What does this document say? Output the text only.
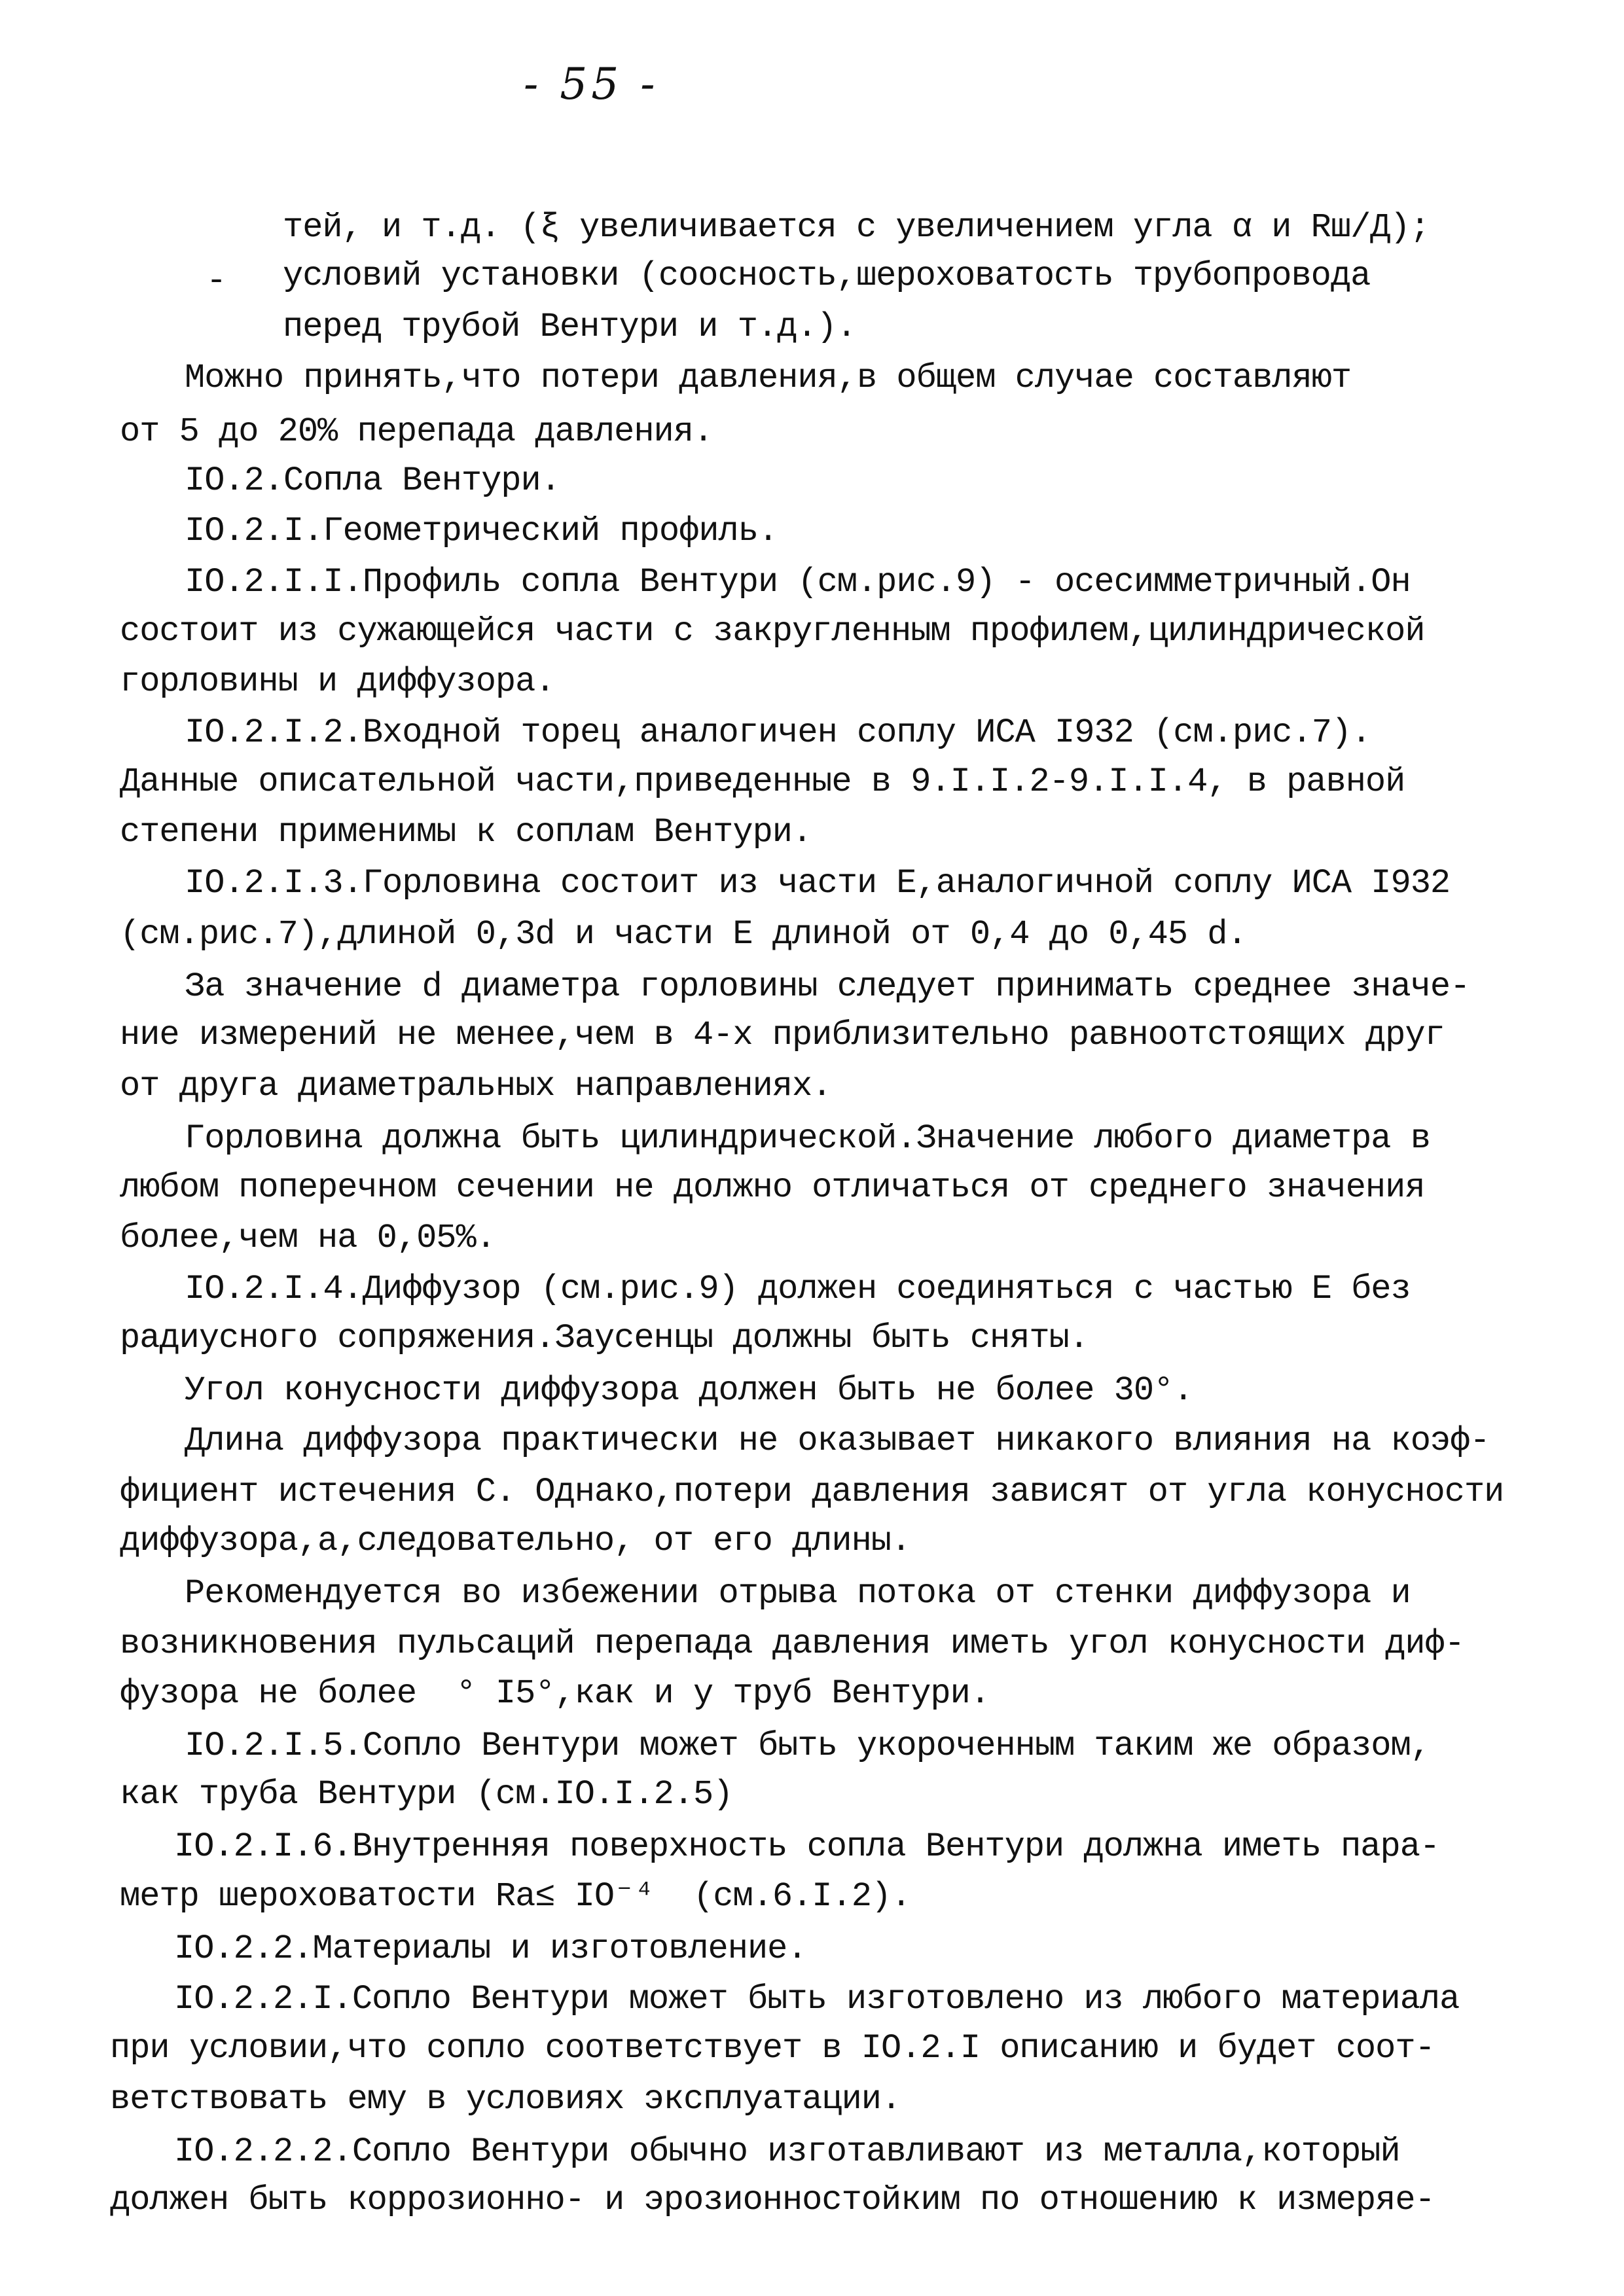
- 55 -
-
тей, и т.д. (ξ увеличивается с увеличением угла α и Rш/Д);
условий установки (соосность,шероховатость трубопровода
перед трубой Вентури и т.д.).
Можно принять,что потери давления,в общем случае составляют
от 5 до 20% перепада давления.
IO.2.Сопла Вентури.
IO.2.I.Геометрический профиль.
IO.2.I.I.Профиль сопла Вентури (см.рис.9) - осесимметричный.Он
состоит из сужающейся части с закругленным профилем,цилиндрической
горловины и диффузора.
IO.2.I.2.Входной торец аналогичен соплу ИСА I932 (см.рис.7).
Данные описательной части,приведенные в 9.I.I.2-9.I.I.4, в равной
степени применимы к соплам Вентури.
IO.2.I.3.Горловина состоит из части Е,аналогичной соплу ИСА I932
(см.рис.7),длиной 0,3d и части Е длиной от 0,4 до 0,45 d.
За значение d диаметра горловины следует принимать среднее значе-
ние измерений не менее,чем в 4-х приблизительно равноотстоящих друг
от друга диаметральных направлениях.
Горловина должна быть цилиндрической.Значение любого диаметра в
любом поперечном сечении не должно отличаться от среднего значения
более,чем на 0,05%.
IO.2.I.4.Диффузор (см.рис.9) должен соединяться с частью Е без
радиусного сопряжения.Заусенцы должны быть сняты.
Угол конусности диффузора должен быть не более 30°.
Длина диффузора практически не оказывает никакого влияния на коэф-
фициент истечения С. Однако,потери давления зависят от угла конусности
диффузора,а,следовательно, от его длины.
Рекомендуется во избежении отрыва потока от стенки диффузора и
возникновения пульсаций перепада давления иметь угол конусности диф-
фузора не более  ° I5°,как и у труб Вентури.
IO.2.I.5.Сопло Вентури может быть укороченным таким же образом,
как труба Вентури (см.IO.I.2.5)
IO.2.I.6.Внутренняя поверхность сопла Вентури должна иметь пара-
метр шероховатости Ra≤ IO⁻⁴  (см.6.I.2).
IO.2.2.Материалы и изготовление.
IO.2.2.I.Сопло Вентури может быть изготовлено из любого материала
при условии,что сопло соответствует в IO.2.I описанию и будет соот-
ветствовать ему в условиях эксплуатации.
IO.2.2.2.Сопло Вентури обычно изготавливают из металла,который
должен быть коррозионно- и эрозионностойким по отношению к измеряе-
